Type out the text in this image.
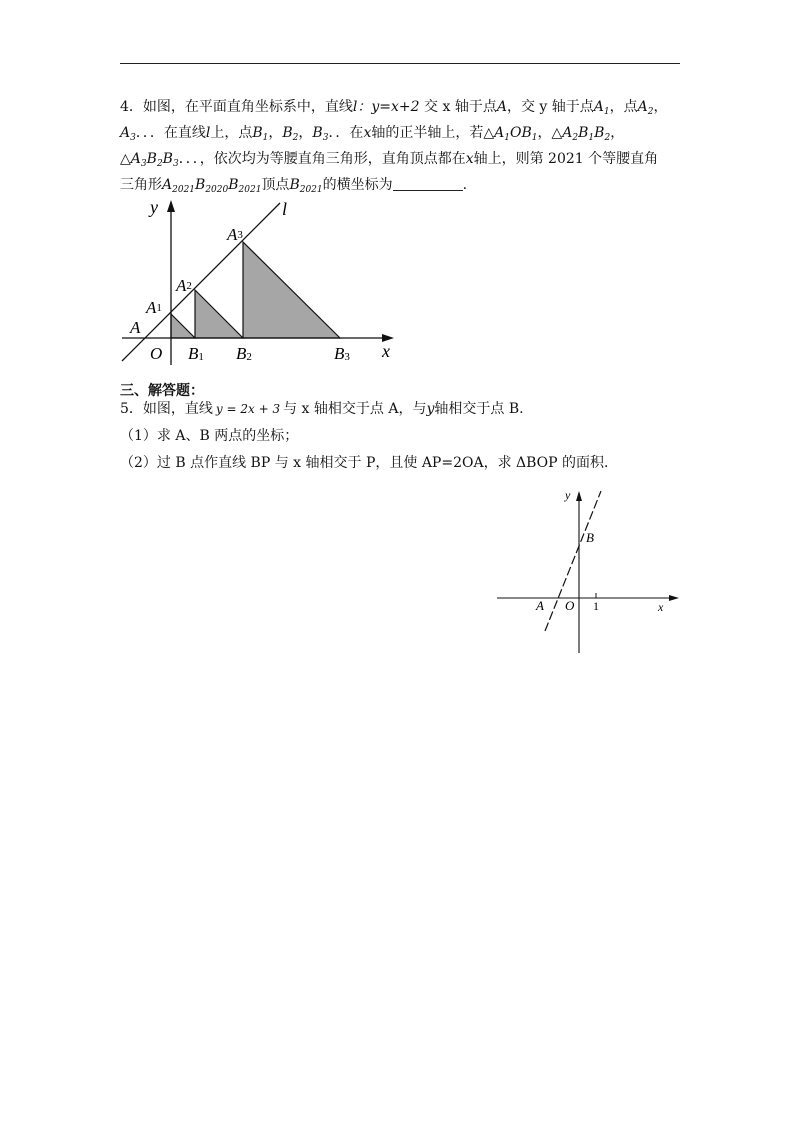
4．如图，在平面直角坐标系中，直线l：y=x+2 交 x 轴于点A，交 y 轴于点$A_1$，点$A_2$，
$A_3$．．．在直线l上，点$B_1$，$B_2$，$B_3$．．在x轴的正半轴上，若$\triangle A_1OB_1$，$\triangle A_2B_1B_2$，
$\triangle A_3B_2B_3$．．．，依次均为等腰直角三角形，直角顶点都在x轴上，则第 2021 个等腰直角
三角形$A_{2021}B_{2020}B_{2021}$顶点$B_{2021}$的横坐标为	.
y
x
l
O
A
A1
A2
A3
B1 B2	B3
三、解答题：
5．如图，直线 y = 2x + 3 与 x 轴相交于点 A，与y轴相交于点 B.
（1）求 A、B 两点的坐标；
（2）过 B 点作直线 BP 与 x 轴相交于 P，且使 AP=2OA，求 ΔBOP 的面积.
y
x
B
A O 1
